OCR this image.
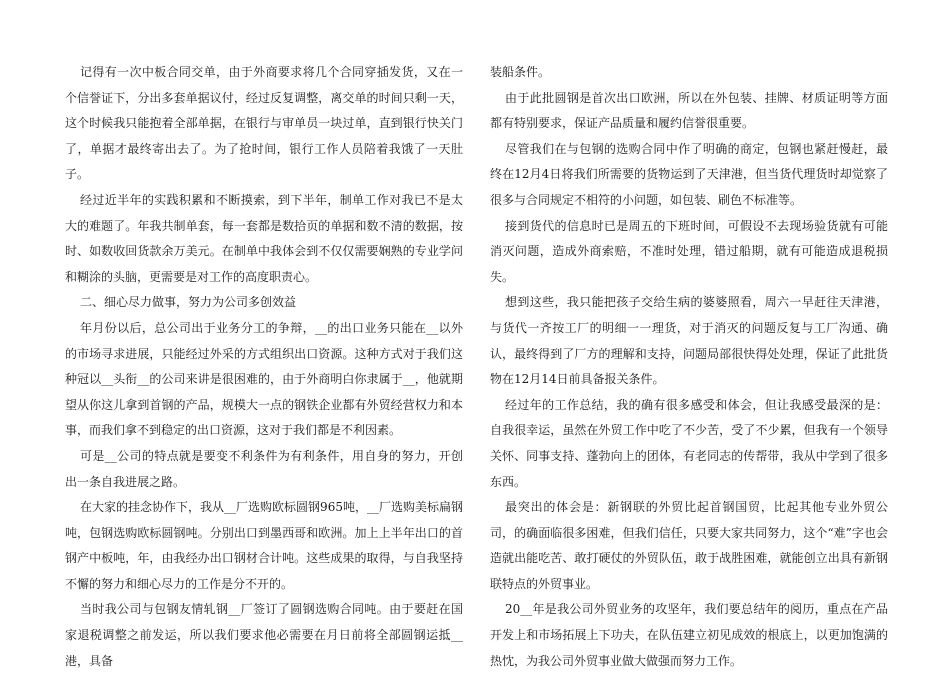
记得有一次中板合同交单，由于外商要求将几个合同穿插发货，又在一个信誉证下，分出多套单据议付，经过反复调整，离交单的时间只剩一天，这个时候我只能抱着全部单据，在银行与审单员一块过单，直到银行快关门了，单据才最终寄出去了。为了抢时间，银行工作人员陪着我饿了一天肚子。

经过近半年的实践积累和不断摸索，到下半年，制单工作对我已不是太大的难题了。年我共制单套，每一套都是数拾页的单据和数不清的数据，按时、如数收回货款余万美元。在制单中我体会到不仅仅需要娴熟的专业学问和糊涂的头脑，更需要是对工作的高度职责心。

二、细心尽力做事，努力为公司多创效益

年月份以后，总公司出于业务分工的争辩，__的出口业务只能在__以外的市场寻求进展，只能经过外采的方式组织出口资源。这种方式对于我们这种冠以__头衔__的公司来讲是很困难的，由于外商明白你隶属于__，他就期望从你这儿拿到首钢的产品，规模大一点的钢铁企业都有外贸经营权力和本事，而我们拿不到稳定的出口资源，这对于我们都是不利因素。

可是__公司的特点就是要变不利条件为有利条件，用自身的努力，开创出一条自我进展之路。

在大家的挂念协作下，我从__厂选购欧标圆钢965吨，__厂选购美标扁钢吨，包钢选购欧标圆钢吨。分别出口到墨西哥和欧洲。加上上半年出口的首钢产中板吨，年，由我经办出口钢材合计吨。这些成果的取得，与自我坚持不懈的努力和细心尽力的工作是分不开的。

当时我公司与包钢友情轧钢__厂签订了圆钢选购合同吨。由于要赶在国家退税调整之前发运，所以我们要求他必需要在月日前将全部圆钢运抵__港，具备

装船条件。

由于此批圆钢是首次出口欧洲，所以在外包装、挂牌、材质证明等方面都有特别要求，保证产品质量和履约信誉很重要。

尽管我们在与包钢的选购合同中作了明确的商定，包钢也紧赶慢赶，最终在12月4日将我们所需要的货物运到了天津港，但当货代理货时却觉察了很多与合同规定不相符的小问题，如包装、刷色不标准等。

接到货代的信息时已是周五的下班时间，可假设不去现场验货就有可能消灭问题，造成外商索赔，不准时处理，错过船期，就有可能造成退税损失。

想到这些，我只能把孩子交给生病的婆婆照看，周六一早赶往天津港，与货代一齐按工厂的明细一一理货，对于消灭的问题反复与工厂沟通、确认，最终得到了厂方的理解和支持，问题局部很快得处处理，保证了此批货物在12月14日前具备报关条件。

经过年的工作总结，我的确有很多感受和体会，但让我感受最深的是：自我很幸运，虽然在外贸工作中吃了不少苦，受了不少累，但我有一个领导关怀、同事支持、蓬勃向上的团体，有老同志的传帮带，我从中学到了很多东西。

最突出的体会是：新钢联的外贸比起首钢国贸，比起其他专业外贸公司，的确面临很多困难，但我们信任，只要大家共同努力，这个“难”字也会造就出能吃苦、敢打硬仗的外贸队伍，敢于战胜困难，就能创立出具有新钢联特点的外贸事业。

20__年是我公司外贸业务的攻坚年，我们要总结年的阅历，重点在产品开发上和市场拓展上下功夫，在队伍建立初见成效的根底上，以更加饱满的热忱，为我公司外贸事业做大做强而努力工作。
